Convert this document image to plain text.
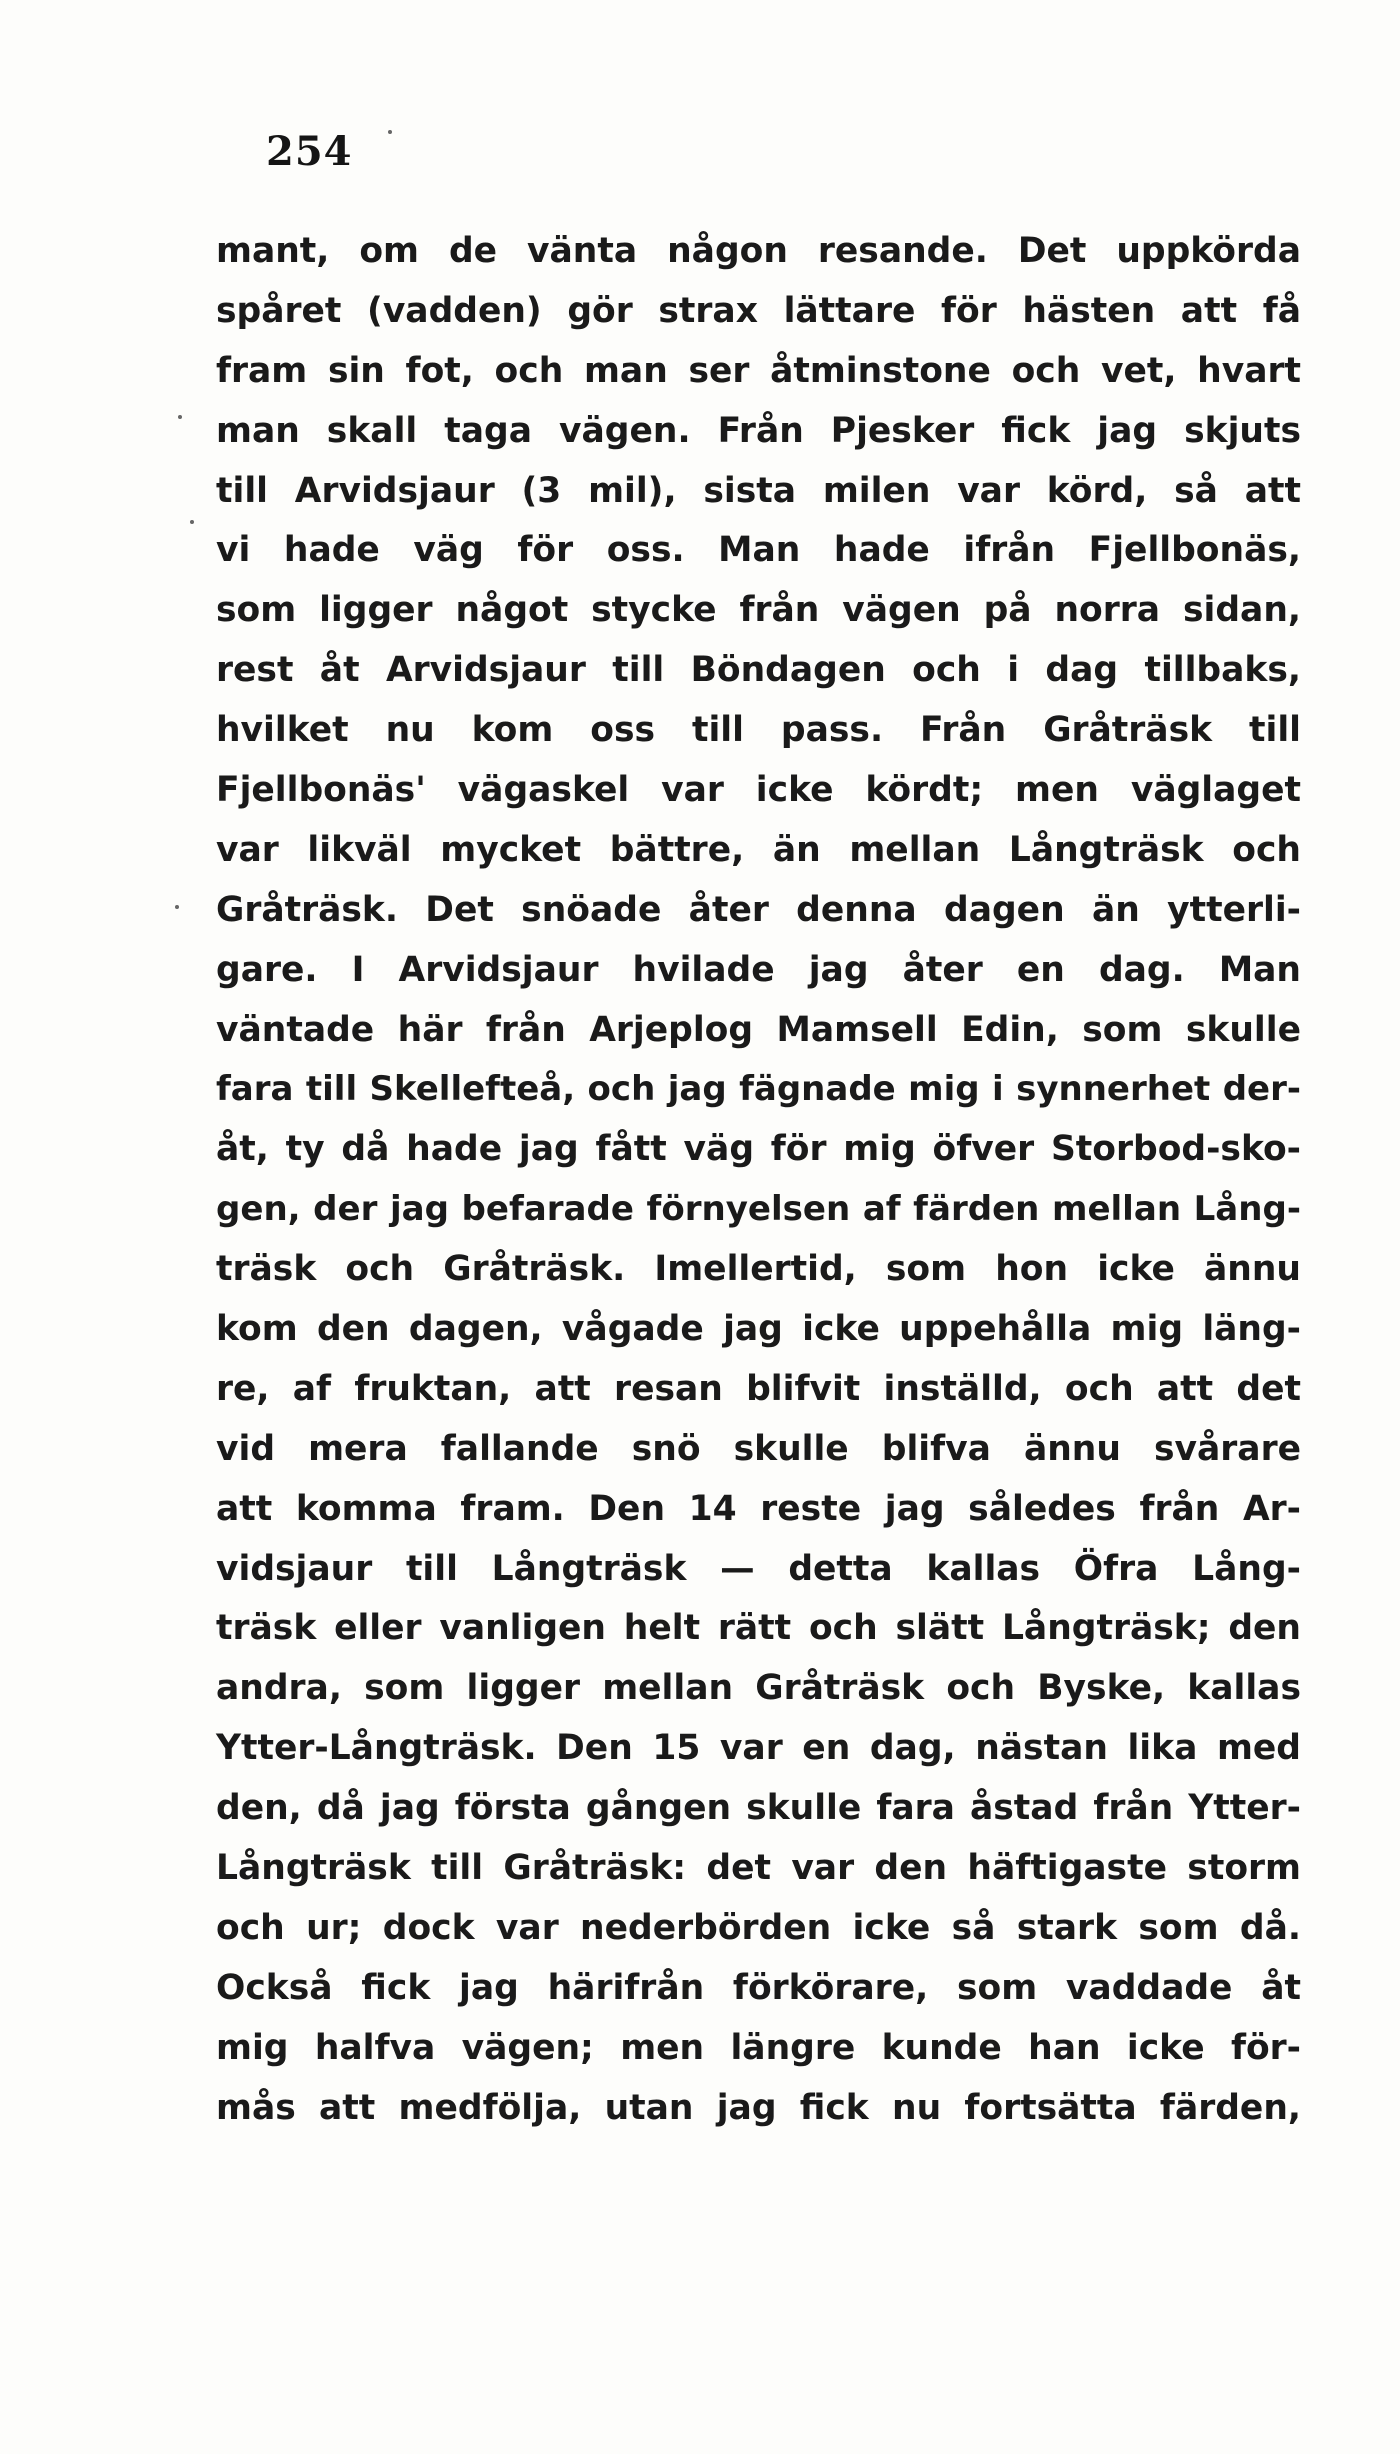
254
mant, om de vänta någon resande. Det uppkörda
spåret (vadden) gör strax lättare för hästen att få
fram sin fot, och man ser åtminstone och vet, hvart
man skall taga vägen. Från Pjesker fick jag skjuts
till Arvidsjaur (3 mil), sista milen var körd, så att
vi hade väg för oss. Man hade ifrån Fjellbonäs,
som ligger något stycke från vägen på norra sidan,
rest åt Arvidsjaur till Böndagen och i dag tillbaks,
hvilket nu kom oss till pass. Från Gråträsk till
Fjellbonäs' vägaskel var icke kördt; men väglaget
var likväl mycket bättre, än mellan Långträsk och
Gråträsk. Det snöade åter denna dagen än ytterli-
gare. I Arvidsjaur hvilade jag åter en dag. Man
väntade här från Arjeplog Mamsell Edin, som skulle
fara till Skellefteå, och jag fägnade mig i synnerhet der-
åt, ty då hade jag fått väg för mig öfver Storbod-sko-
gen, der jag befarade förnyelsen af färden mellan Lång-
träsk och Gråträsk. Imellertid, som hon icke ännu
kom den dagen, vågade jag icke uppehålla mig läng-
re, af fruktan, att resan blifvit inställd, och att det
vid mera fallande snö skulle blifva ännu svårare
att komma fram. Den 14 reste jag således från Ar-
vidsjaur till Långträsk — detta kallas Öfra Lång-
träsk eller vanligen helt rätt och slätt Långträsk; den
andra, som ligger mellan Gråträsk och Byske, kallas
Ytter-Långträsk. Den 15 var en dag, nästan lika med
den, då jag första gången skulle fara åstad från Ytter-
Långträsk till Gråträsk: det var den häftigaste storm
och ur; dock var nederbörden icke så stark som då.
Också fick jag härifrån förkörare, som vaddade åt
mig halfva vägen; men längre kunde han icke för-
mås att medfölja, utan jag fick nu fortsätta färden,
